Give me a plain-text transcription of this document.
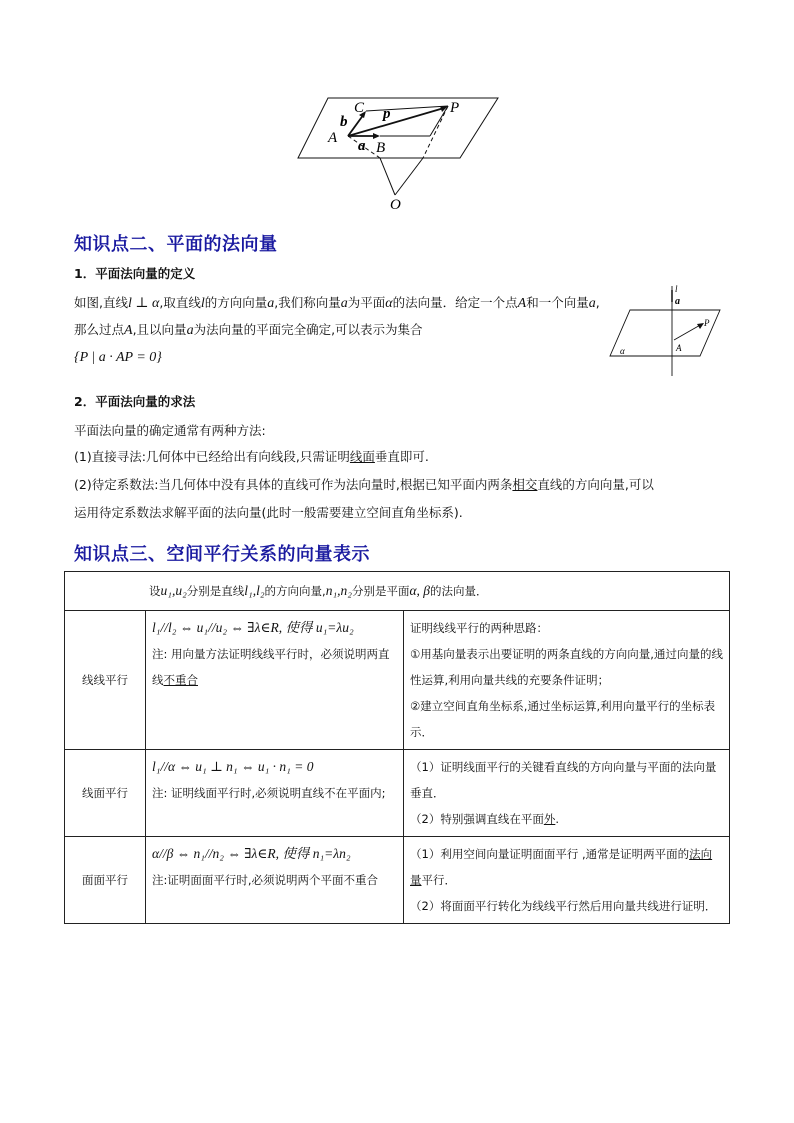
A
b
C p	P
a B
O
知识点二、平面的法向量

1．平面法向量的定义

如图,直线l ⊥ α,取直线l的方向向量a,我们称向量a为平面α的法向量．给定一个点A和一个向量a,那么过点A,且以向量a为法向量的平面完全确定,可以表示为集合
{P | a · AP = 0}

l
a
P
A
α

2．平面法向量的求法

平面法向量的确定通常有两种方法:

(1)直接寻法:几何体中已经给出有向线段,只需证明线面垂直即可.

(2)待定系数法:当几何体中没有具体的直线可作为法向量时,根据已知平面内两条相交直线的方向向量,可以

运用待定系数法求解平面的法向量(此时一般需要建立空间直角坐标系).

知识点三、空间平行关系的向量表示
设u₁,u₂分别是直线l₁,l₂的方向向量,n₁,n₂分别是平面α, β的法向量．		
线线平行	l₁//l₂ ⇔ u₁//u₂ ⇔ ∃λ∈R, 使得 u₁=λu₂
注: 用向量方法证明线线平行时，必须说明两直线不重合	证明线线平行的两种思路：
①用基向量表示出要证明的两条直线的方向向量,通过向量的线性运算,利用向量共线的充要条件证明；
②建立空间直角坐标系,通过坐标运算,利用向量平行的坐标表示．

线面平行	l₁//α ⇔ u₁ ⊥ n₁ ⇔ u₁ · n₁ = 0
注: 证明线面平行时,必须说明直线不在平面内;	（1）证明线面平行的关键看直线的方向向量与平面的法向量垂直．
（2）特别强调直线在平面外.

面面平行	α//β ⇔ n₁//n₂ ⇔ ∃λ∈R, 使得 n₁=λn₂
注:证明面面平行时,必须说明两个平面不重合	（1）利用空间向量证明面面平行 ,通常是证明两平面的法向量平行．
（2）将面面平行转化为线线平行然后用向量共线进行证明．
